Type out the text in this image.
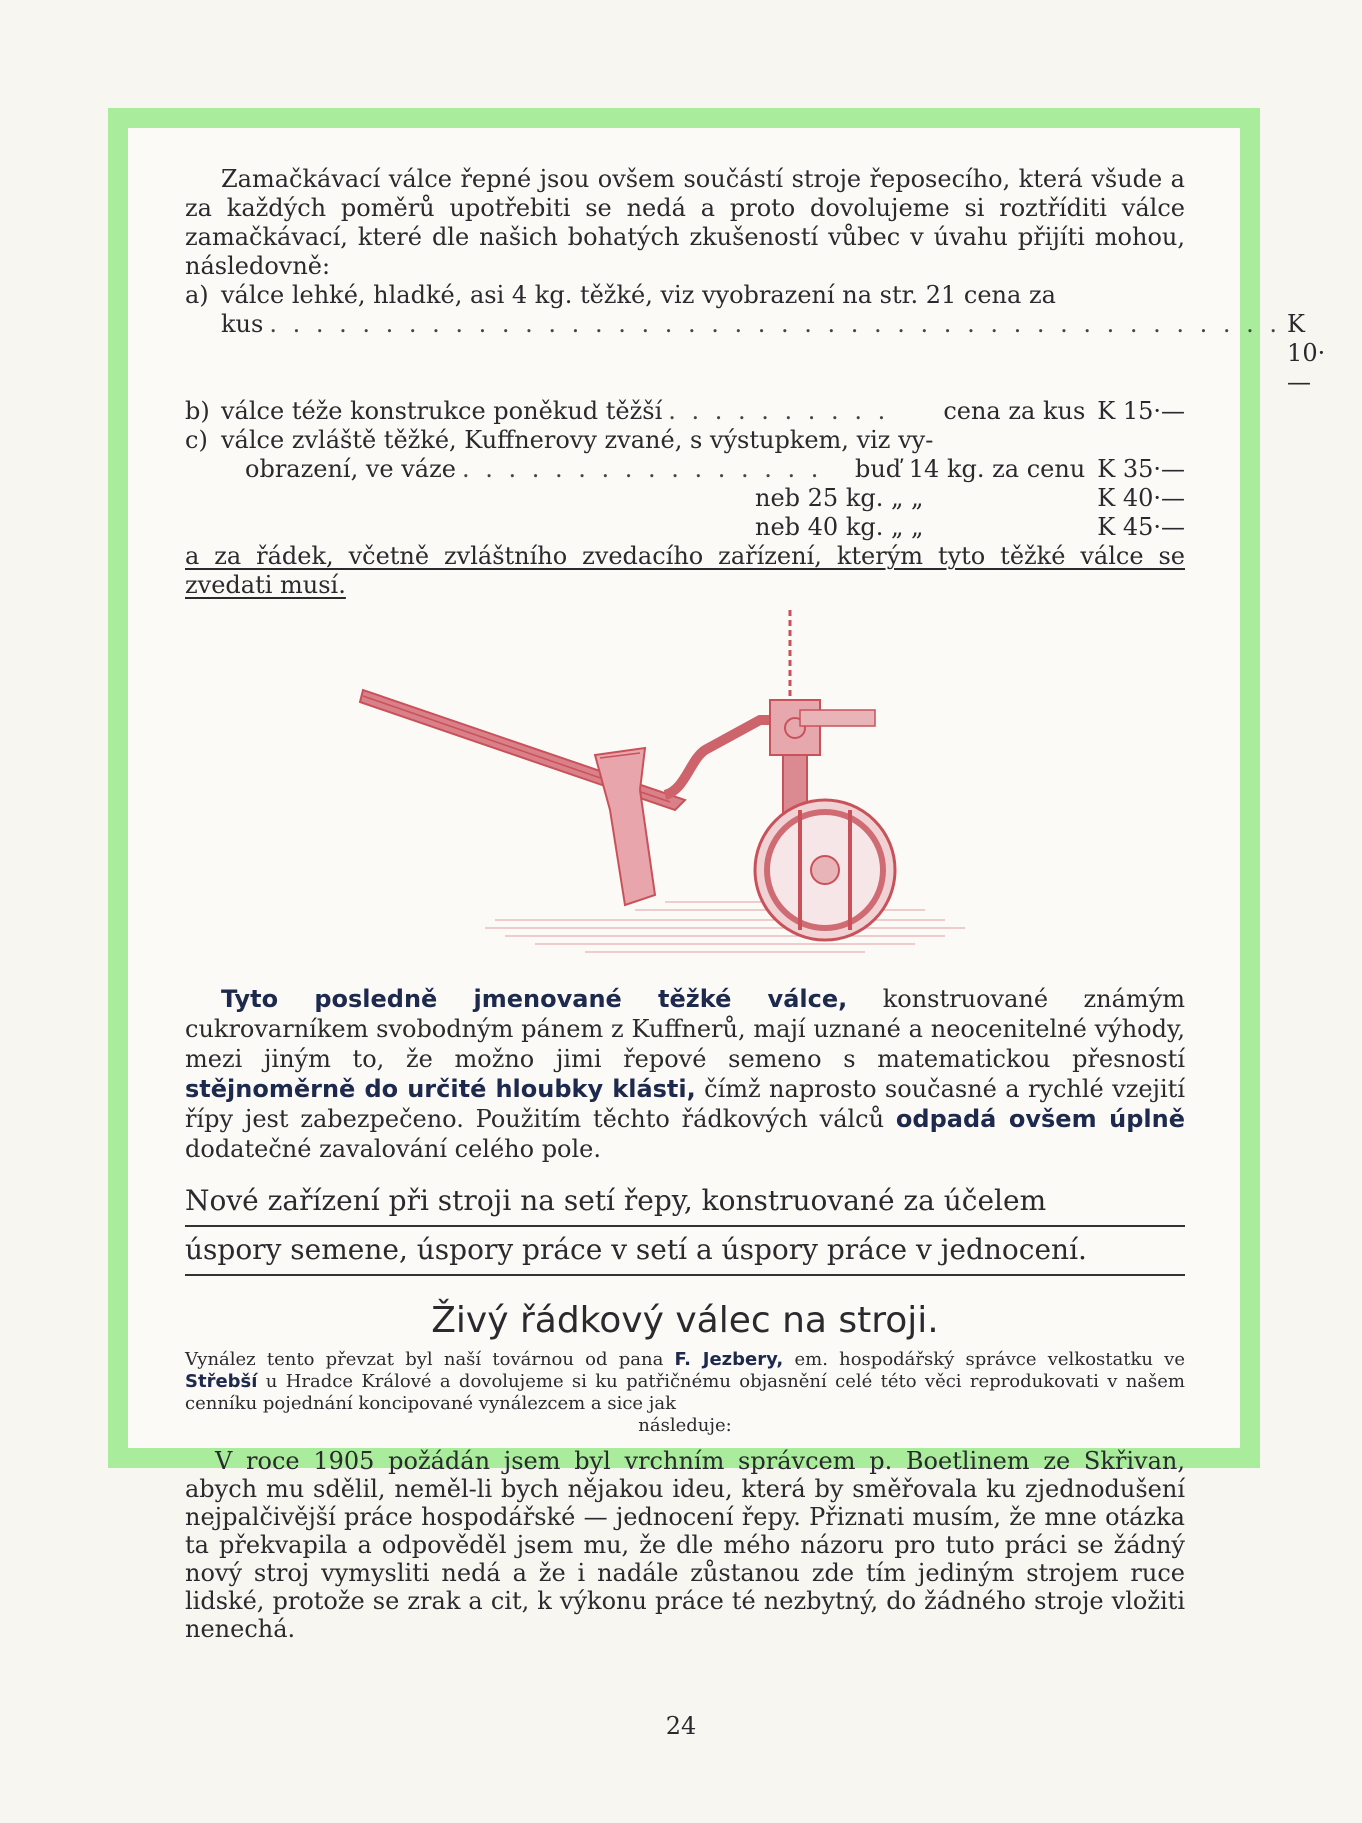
Zamačkávací válce řepné jsou ovšem součástí stroje řeposecího, která všude a za každých poměrů upotřebiti se nedá a proto dovolujeme si roztříditi válce zamačkávací, které dle našich bohatých zkušeností vůbec v úvahu přijíti mohou, následovně:

a) válce lehké, hladké, asi 4 kg. těžké, viz vyobrazení na str. 21 cena za
kus . . . . . . . . . . . . . . . . . . . . . . . . . . . . . . . . . . . . . . . . . . . . K 10·—
b) válce téže konstrukce poněkud těžší . . . . . . . . . .	cena za kus K 15·—
c) válce zvláště těžké, Kuffnerovy zvané, s výstupkem, viz vy-
obrazení, ve váze . . . . . . . . . . . . . . . .	buď 14 kg. za cenu K 35·—
neb 25 kg. „ „	K 40·—
neb 40 kg. „ „	K 45·—

a za řádek, včetně zvláštního zvedacího zařízení, kterým tyto těžké válce se zvedati musí.

Tyto posledně jmenované těžké válce, konstruované známým cukrovarníkem svobodným pánem z Kuffnerů, mají uznané a neocenitelné výhody, mezi jiným to, že možno jimi řepové semeno s matematickou přesností stějnoměrně do určité hloubky klásti, čímž naprosto současné a rychlé vzejití řípy jest zabezpečeno. Použitím těchto řádkových válců odpadá ovšem úplně dodatečné zavalování celého pole.

Nové zařízení při stroji na setí řepy, konstruované za účelem
úspory semene, úspory práce v setí a úspory práce v jednocení.
Živý řádkový válec na stroji.

Vynález tento převzat byl naší továrnou od pana F. Jezbery, em. hospodářský správce velkostatku ve Střebší u Hradce Králové a dovolujeme si ku patřičnému objasnění celé této věci reprodukovati v našem cenníku pojednání koncipované vynálezcem a sice jak

následuje:

V roce 1905 požádán jsem byl vrchním správcem p. Boetlinem ze Skřivan, abych mu sdělil, neměl-li bych nějakou ideu, která by směřovala ku zjednodušení nejpalčivější práce hospodářské — jednocení řepy. Přiznati musím, že mne otázka ta překvapila a odpověděl jsem mu, že dle mého názoru pro tuto práci se žádný nový stroj vymysliti nedá a že i nadále zůstanou zde tím jediným strojem ruce lidské, protože se zrak a cit, k výkonu práce té nezbytný, do žádného stroje vložiti nenechá.

24
